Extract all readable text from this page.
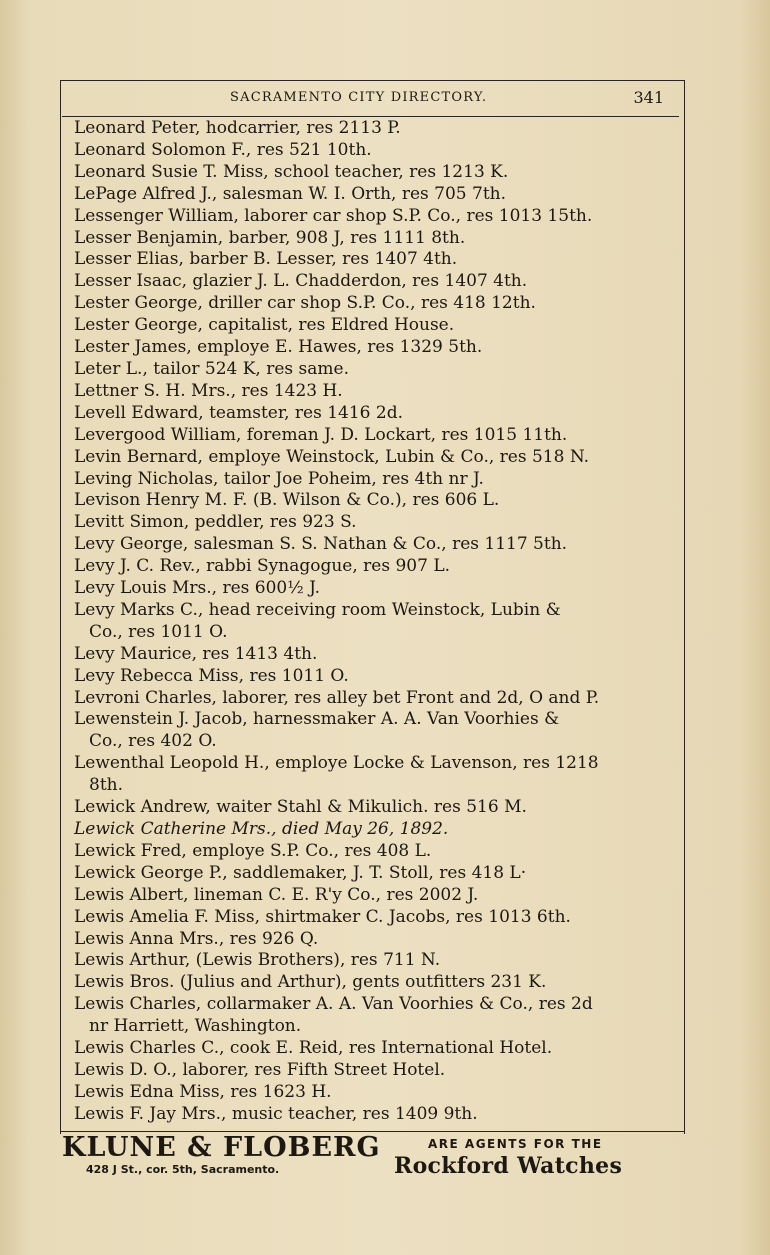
SACRAMENTO CITY DIRECTORY.	341
Leonard Peter, hodcarrier, res 2113 P.
Leonard Solomon F., res 521 10th.
Leonard Susie T. Miss, school teacher, res 1213 K.
LePage Alfred J., salesman W. I. Orth, res 705 7th.
Lessenger William, laborer car shop S.P. Co., res 1013 15th.
Lesser Benjamin, barber, 908 J, res 1111 8th.
Lesser Elias, barber B. Lesser, res 1407 4th.
Lesser Isaac, glazier J. L. Chadderdon, res 1407 4th.
Lester George, driller car shop S.P. Co., res 418 12th.
Lester George, capitalist, res Eldred House.
Lester James, employe E. Hawes, res 1329 5th.
Leter L., tailor 524 K, res same.
Lettner S. H. Mrs., res 1423 H.
Levell Edward, teamster, res 1416 2d.
Levergood William, foreman J. D. Lockart, res 1015 11th.
Levin Bernard, employe Weinstock, Lubin & Co., res 518 N.
Leving Nicholas, tailor Joe Poheim, res 4th nr J.
Levison Henry M. F. (B. Wilson & Co.), res 606 L.
Levitt Simon, peddler, res 923 S.
Levy George, salesman S. S. Nathan & Co., res 1117 5th.
Levy J. C. Rev., rabbi Synagogue, res 907 L.
Levy Louis Mrs., res 600½ J.
Levy Marks C., head receiving room Weinstock, Lubin &
Co., res 1011 O.
Levy Maurice, res 1413 4th.
Levy Rebecca Miss, res 1011 O.
Levroni Charles, laborer, res alley bet Front and 2d, O and P.
Lewenstein J. Jacob, harnessmaker A. A. Van Voorhies &
Co., res 402 O.
Lewenthal Leopold H., employe Locke & Lavenson, res 1218
8th.
Lewick Andrew, waiter Stahl & Mikulich. res 516 M.
Lewick Catherine Mrs., died May 26, 1892.
Lewick Fred, employe S.P. Co., res 408 L.
Lewick George P., saddlemaker, J. T. Stoll, res 418 L·
Lewis Albert, lineman C. E. R'y Co., res 2002 J.
Lewis Amelia F. Miss, shirtmaker C. Jacobs, res 1013 6th.
Lewis Anna Mrs., res 926 Q.
Lewis Arthur, (Lewis Brothers), res 711 N.
Lewis Bros. (Julius and Arthur), gents outfitters 231 K.
Lewis Charles, collarmaker A. A. Van Voorhies & Co., res 2d
nr Harriett, Washington.
Lewis Charles C., cook E. Reid, res International Hotel.
Lewis D. O., laborer, res Fifth Street Hotel.
Lewis Edna Miss, res 1623 H.
Lewis F. Jay Mrs., music teacher, res 1409 9th.
KLUNE & FLOBERG
428 J St., cor. 5th, Sacramento.
ARE AGENTS FOR THE
Rockford Watches
